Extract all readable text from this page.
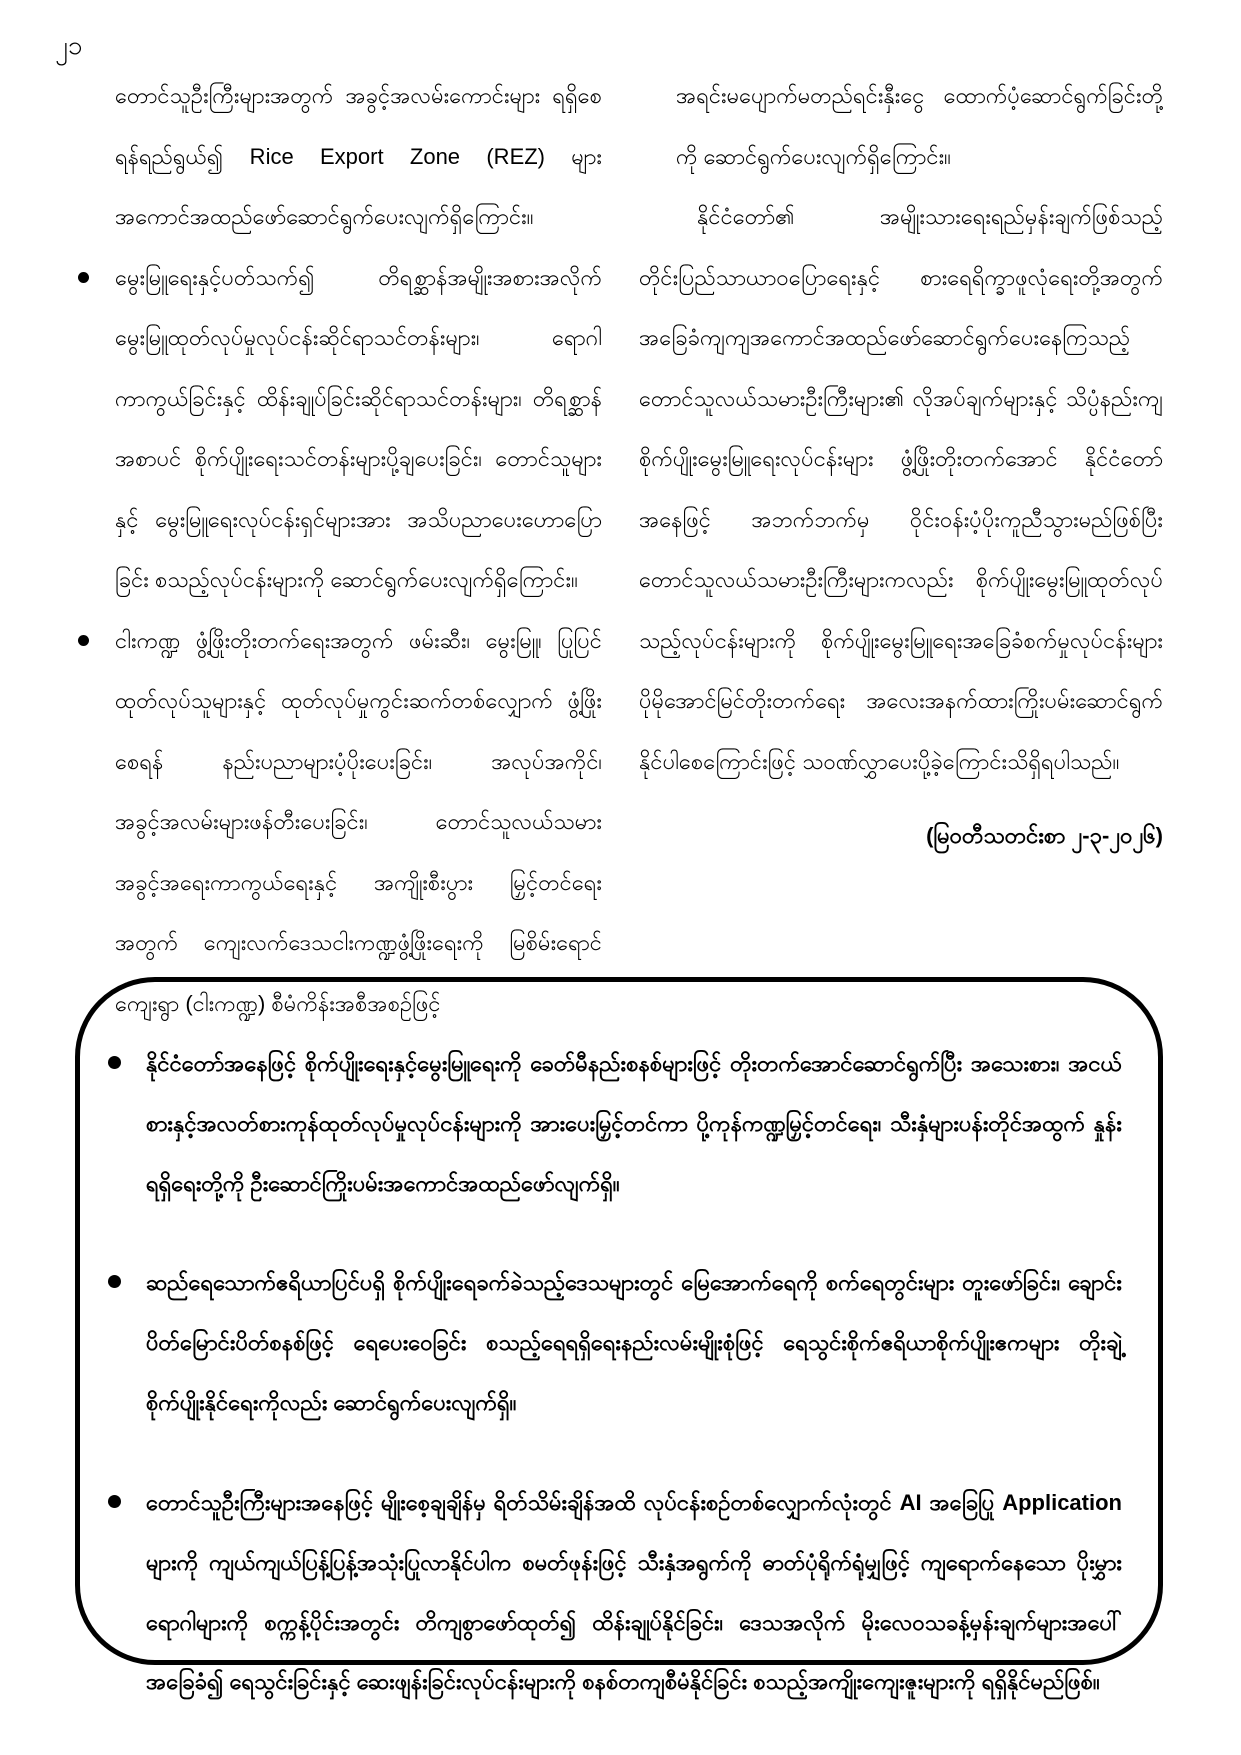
၂၁

တောင်သူဦးကြီးများအတွက် အခွင့်အလမ်းကောင်းများ ရရှိစေရန်ရည်ရွယ်၍ Rice Export Zone (REZ) များ အကောင်အထည်ဖော်ဆောင်ရွက်ပေးလျက်ရှိကြောင်း။

မွေးမြူရေးနှင့်ပတ်သက်၍ တိရစ္ဆာန်အမျိုးအစားအလိုက် မွေးမြူထုတ်လုပ်မှုလုပ်ငန်းဆိုင်ရာသင်တန်းများ၊ ရောဂါ ကာကွယ်ခြင်းနှင့် ထိန်းချုပ်ခြင်းဆိုင်ရာသင်တန်းများ၊ တိရစ္ဆာန်အစာပင် စိုက်ပျိုးရေးသင်တန်းများပို့ချပေးခြင်း၊ တောင်သူများနှင့် မွေးမြူရေးလုပ်ငန်းရှင်များအား အသိပညာပေးဟောပြောခြင်း စသည့်လုပ်ငန်းများကို ဆောင်ရွက်ပေးလျက်ရှိကြောင်း။
ငါးကဏ္ဍ ဖွံ့ဖြိုးတိုးတက်ရေးအတွက် ဖမ်းဆီး၊ မွေးမြူ၊ ပြုပြင်ထုတ်လုပ်သူများနှင့် ထုတ်လုပ်မှုကွင်းဆက်တစ်လျှောက် ဖွံ့ဖြိုးစေရန် နည်းပညာများပံ့ပိုးပေးခြင်း၊ အလုပ်အကိုင်၊ အခွင့်အလမ်းများဖန်တီးပေးခြင်း၊ တောင်သူလယ်သမားအခွင့်အရေးကာကွယ်ရေးနှင့် အကျိုးစီးပွား မြှင့်တင်ရေးအတွက် ကျေးလက်ဒေသငါးကဏ္ဍဖွံ့ဖြိုးရေးကို မြစိမ်းရောင်ကျေးရွာ (ငါးကဏ္ဍ) စီမံကိန်းအစီအစဉ်ဖြင့်

အရင်းမပျောက်မတည်ရင်းနှီးငွေ ထောက်ပံ့ဆောင်ရွက်ခြင်းတို့ကို ဆောင်ရွက်ပေးလျက်ရှိကြောင်း။

နိုင်ငံတော်၏ အမျိုးသားရေးရည်မှန်းချက်ဖြစ်သည့် တိုင်းပြည်သာယာဝပြောရေးနှင့် စားရေရိက္ခာဖူလုံရေးတို့အတွက် အခြေခံကျကျအကောင်အထည်ဖော်ဆောင်ရွက်ပေးနေကြသည့် တောင်သူလယ်သမားဦးကြီးများ၏ လိုအပ်ချက်များနှင့် သိပ္ပံနည်းကျ စိုက်ပျိုးမွေးမြူရေးလုပ်ငန်းများ ဖွံ့ဖြိုးတိုးတက်အောင် နိုင်ငံတော်အနေဖြင့် အဘက်ဘက်မှ ဝိုင်းဝန်းပံ့ပိုးကူညီသွားမည်ဖြစ်ပြီး တောင်သူလယ်သမားဦးကြီးများကလည်း စိုက်ပျိုးမွေးမြူထုတ်လုပ်သည့်လုပ်ငန်းများကို စိုက်ပျိုးမွေးမြူရေးအခြေခံစက်မှုလုပ်ငန်းများ ပိုမိုအောင်မြင်တိုးတက်ရေး အလေးအနက်ထားကြိုးပမ်းဆောင်ရွက်နိုင်ပါစေကြောင်းဖြင့် သဝဏ်လွှာပေးပို့ခဲ့ကြောင်းသိရှိရပါသည်။

(မြဝတီသတင်းစာ ၂-၃-၂၀၂၆)

နိုင်ငံတော်အနေဖြင့် စိုက်ပျိုးရေးနှင့်မွေးမြူရေးကို ခေတ်မီနည်းစနစ်များဖြင့် တိုးတက်အောင်ဆောင်ရွက်ပြီး အသေးစား၊ အငယ်စားနှင့်အလတ်စားကုန်ထုတ်လုပ်မှုလုပ်ငန်းများကို အားပေးမြှင့်တင်ကာ ပို့ကုန်ကဏ္ဍမြှင့်တင်ရေး၊ သီးနှံများပန်းတိုင်အထွက် နှုန်းရရှိရေးတို့ကို ဦးဆောင်ကြိုးပမ်းအကောင်အထည်ဖော်လျက်ရှိ။
ဆည်ရေသောက်ဧရိယာပြင်ပရှိ စိုက်ပျိုးရေခက်ခဲသည့်ဒေသများတွင် မြေအောက်ရေကို စက်ရေတွင်းများ တူးဖော်ခြင်း၊ ချောင်းပိတ်မြောင်းပိတ်စနစ်ဖြင့် ရေပေးဝေခြင်း စသည့်ရေရရှိရေးနည်းလမ်းမျိုးစုံဖြင့် ရေသွင်းစိုက်ဧရိယာစိုက်ပျိုးဧကများ တိုးချဲ့စိုက်ပျိုးနိုင်ရေးကိုလည်း ဆောင်ရွက်ပေးလျက်ရှိ။
တောင်သူဦးကြီးများအနေဖြင့် မျိုးစေ့ချချိန်မှ ရိတ်သိမ်းချိန်အထိ လုပ်ငန်းစဉ်တစ်လျှောက်လုံးတွင် AI အခြေပြု Application များကို ကျယ်ကျယ်ပြန့်ပြန့်အသုံးပြုလာနိုင်ပါက စမတ်ဖုန်းဖြင့် သီးနှံအရွက်ကို ဓာတ်ပုံရိုက်ရုံမျှဖြင့် ကျရောက်နေသော ပိုးမွှားရောဂါများကို စက္ကန့်ပိုင်းအတွင်း တိကျစွာဖော်ထုတ်၍ ထိန်းချုပ်နိုင်ခြင်း၊ ဒေသအလိုက် မိုးလေဝသခန့်မှန်းချက်များအပေါ်အခြေခံ၍ ရေသွင်းခြင်းနှင့် ဆေးဖျန်းခြင်းလုပ်ငန်းများကို စနစ်တကျစီမံနိုင်ခြင်း စသည့်အကျိုးကျေးဇူးများကို ရရှိနိုင်မည်ဖြစ်။
